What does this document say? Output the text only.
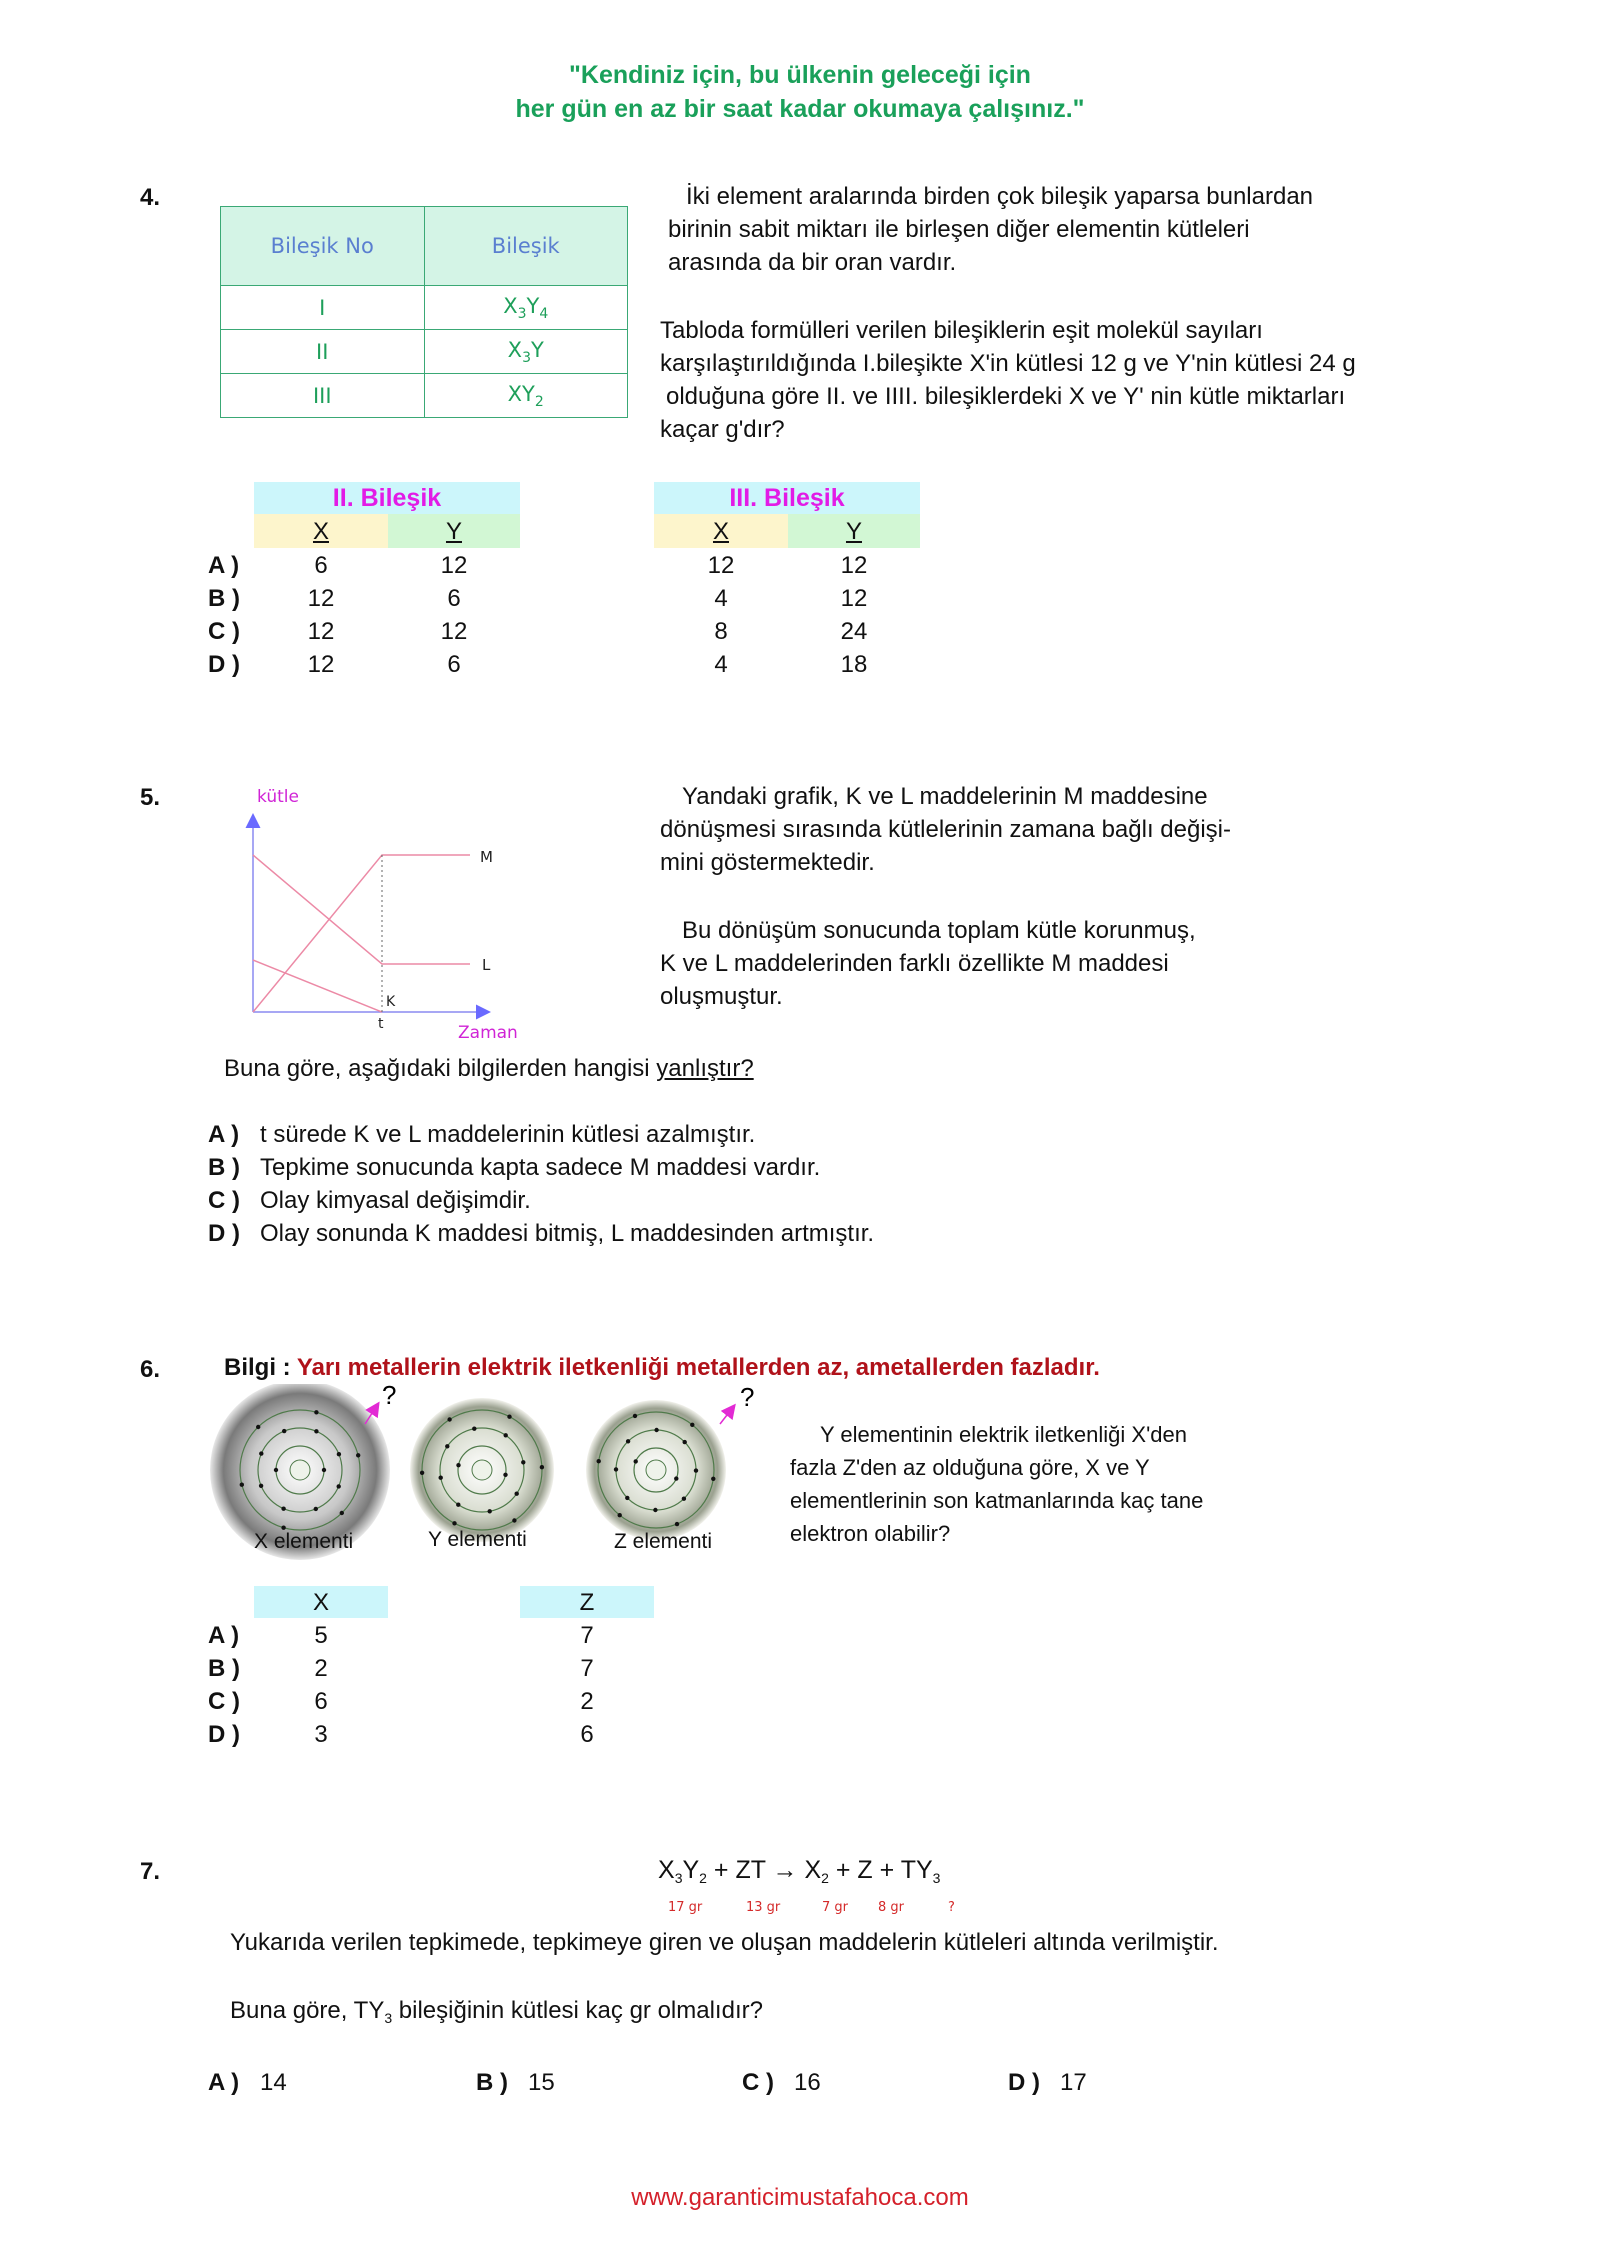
"Kendiniz için, bu ülkenin geleceği için
her gün en az bir saat kadar okumaya çalışınız."
4.
Bileşik No	Bileşik
I	$X_3Y_4$
II	$X_3Y$
III	$XY_2$
İki element aralarında birden çok bileşik yaparsa bunlardan
birinin sabit miktarı ile birleşen diğer elementin kütleleri
arasında da bir oran vardır.
Tabloda formülleri verilen bileşiklerin eşit molekül sayıları
karşılaştırıldığında I.bileşikte X'in kütlesi 12 g ve Y'nin kütlesi 24 g
olduğuna göre II. ve IIII. bileşiklerdeki X ve Y' nin kütle miktarları
kaçar g'dır?
II. Bileşik
X	Y
III. Bileşik
X	Y
A )	6	12	12	12
B )	12	6	4	12
C )	12	12	8	24
D )	12	6	4	18
5.	kütle
Zaman
M
L
K
t
Yandaki grafik, K ve L maddelerinin M maddesine
dönüşmesi sırasında kütlelerinin zamana bağlı değişi-
mini göstermektedir.
Bu dönüşüm sonucunda toplam kütle korunmuş,
K ve L maddelerinden farklı özellikte M maddesi
oluşmuştur.
Buna göre, aşağıdaki bilgilerden hangisi yanlıştır?
A ) t sürede K ve L maddelerinin kütlesi azalmıştır.
B ) Tepkime sonucunda kapta sadece M maddesi vardır.
C ) Olay kimyasal değişimdir.
D ) Olay sonunda K maddesi bitmiş, L maddesinden artmıştır.
6.	Bilgi : Yarı metallerin elektrik iletkenliği metallerden az, ametallerden fazladır.
?	?
X elementi	Y elementi	Z elementi
Y elementinin elektrik iletkenliği X'den
fazla Z'den az olduğuna göre, X ve Y
elementlerinin son katmanlarında kaç tane
elektron olabilir?
X	Z
A )	5	7
B )	2	7
C )	6	2
D )	3	6
7.	$X_3Y_2$ + ZT → $X_2 + Z + TY_3$
17 gr	13 gr	7 gr 8 gr	?
Yukarıda verilen tepkimede, tepkimeye giren ve oluşan maddelerin kütleleri altında verilmiştir.
Buna göre, $TY_3$ bileşiğinin kütlesi kaç gr olmalıdır?
A ) 14	B ) 15	C ) 16	D ) 17
www.garanticimustafahoca.com
